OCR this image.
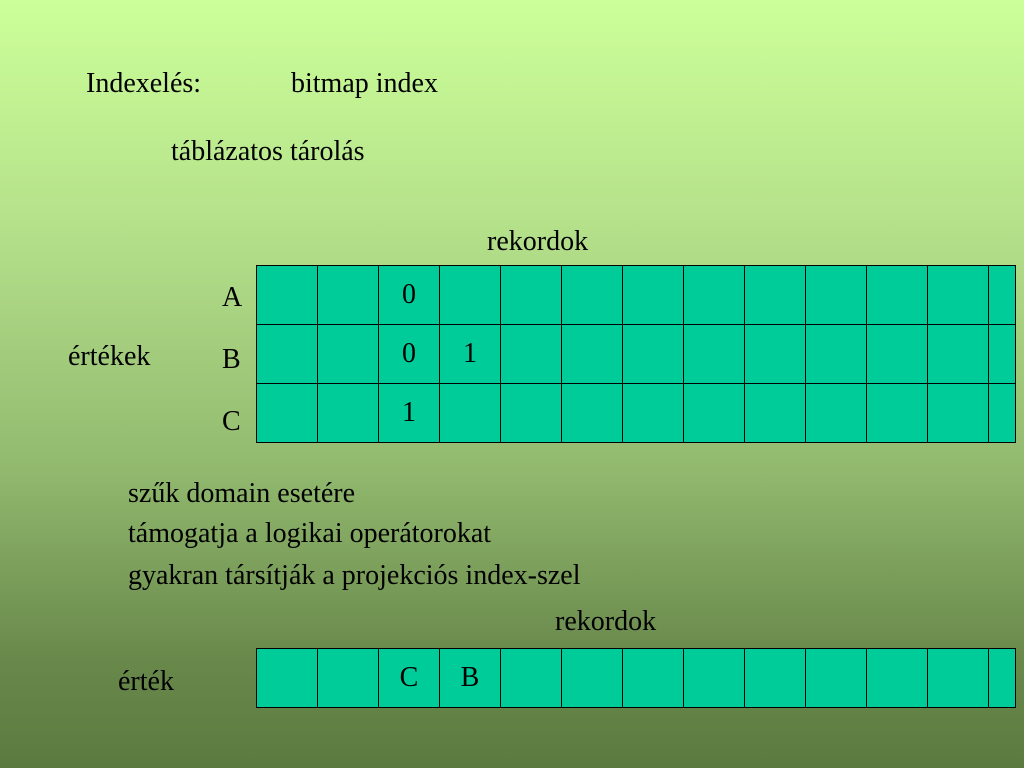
Indexelés:	bitmap index
táblázatos tárolás
rekordok
értékek
A
B
C
		0										
		0	1									
		1										
szűk domain esetére
támogatja a logikai operátorokat
gyakran társítják a projekciós index-szel
rekordok
érték
			C	B									
